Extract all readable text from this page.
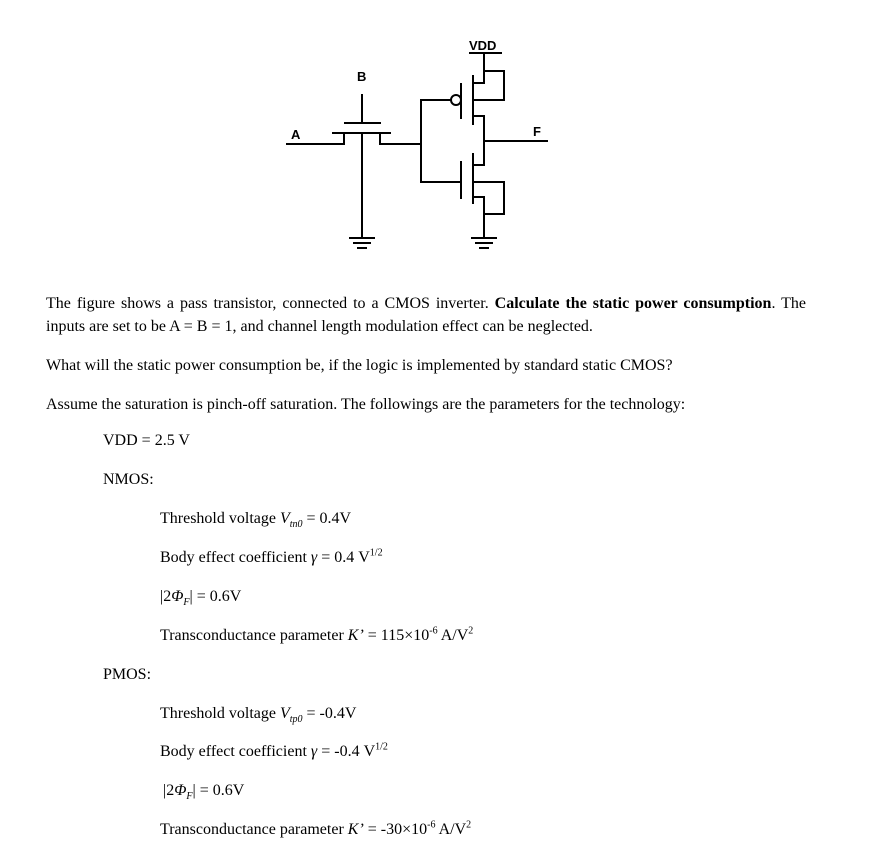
VDD
B
A	F

The figure shows a pass transistor, connected to a CMOS inverter. Calculate the static power consumption. The inputs are set to be A = B = 1, and channel length modulation effect can be neglected.

What will the static power consumption be, if the logic is implemented by standard static CMOS?

Assume the saturation is pinch-off saturation. The followings are the parameters for the technology:

VDD = 2.5 V

NMOS:

Threshold voltage $V_{tn0} = 0.4V$

Body effect coefficient γ = 0.4 $V^{1/2}$

$|2\Phi_F| = 0.6V$

Transconductance parameter K’ = $115\times 10^{-6}$ $A/V^2$

PMOS:

Threshold voltage $V_{tp0} = -0.4V$

Body effect coefficient γ = -0.4 $V^{1/2}$

$|2\Phi_F| = 0.6V$

Transconductance parameter K’ = $-30\times 10^{-6}$ $A/V^2$
